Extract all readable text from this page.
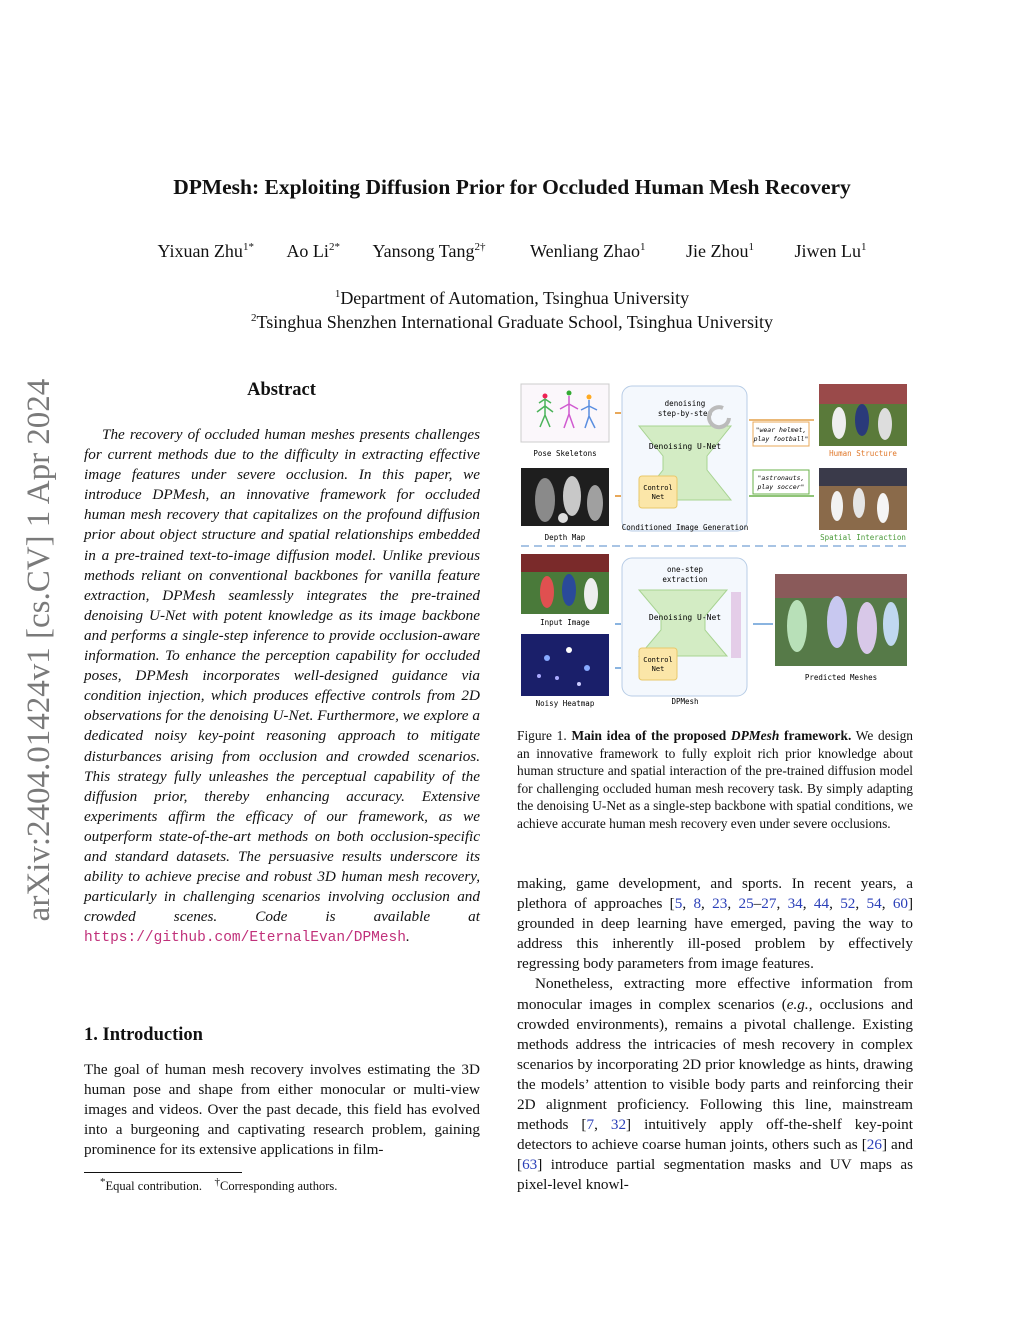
DPMesh: Exploiting Diffusion Prior for Occluded Human Mesh Recovery
Yixuan Zhu$^{1*}$ Ao $Li^{2*}$ Yansong Tang$^{2\dagger}$ Wenliang Zhao$^1$ Jie Zhou$^1$ Jiwen Lu$^1$
$^1$Department of Automation, Tsinghua University
$^2$Tsinghua Shenzhen International Graduate School, Tsinghua University
arXiv:2404.01424v1 [cs.CV] 1 Apr 2024	Abstract

The recovery of occluded human meshes presents challenges for current methods due to the difficulty in extracting effective image features under severe occlusion. In this paper, we introduce DPMesh, an innovative framework for occluded human mesh recovery that capitalizes on the profound diffusion prior about object structure and spatial relationships embedded in a pre-trained text-to-image diffusion model. Unlike previous methods reliant on conventional backbones for vanilla feature extraction, DPMesh seamlessly integrates the pre-trained denoising U-Net with potent knowledge as its image backbone and performs a single-step inference to provide occlusion-aware information. To enhance the perception capability for occluded poses, DPMesh incorporates well-designed guidance via condition injection, which produces effective controls from 2D observations for the denoising U-Net. Furthermore, we explore a dedicated noisy key-point reasoning approach to mitigate disturbances arising from occlusion and crowded scenarios. This strategy fully unleashes the perceptual capability of the diffusion prior, thereby enhancing accuracy. Extensive experiments affirm the efficacy of our framework, as we outperform state-of-the-art methods on both occlusion-specific and standard datasets. The persuasive results underscore its ability to achieve precise and robust 3D human mesh recovery, particularly in challenging scenarios involving occlusion and crowded scenes. Code is available at https://github.com/EternalEvan/DPMesh.

1. Introduction

The goal of human mesh recovery involves estimating the 3D human pose and shape from either monocular or multi-view images and videos. Over the past decade, this field has evolved into a burgeoning and captivating research problem, gaining prominence for its extensive applications in film-

*Equal contribution. †Corresponding authors.
Pose Skeletons
Depth Map
denoising
step-by-step
Denoising U-Net
Control
Net
Conditioned Image Generation
"wear helmet,
play football"
"astronauts,
play soccer"
Human Structure
Spatial Interaction
Input Image
Noisy Heatmap
one-step
extraction
Denoising U-Net
Control
Net
DPMesh
Predicted Meshes
Figure 1. Main idea of the proposed DPMesh framework. We design an innovative framework to fully exploit rich prior knowledge about human structure and spatial interaction of the pre-trained diffusion model for challenging occluded human mesh recovery task. By simply adapting the denoising U-Net as a single-step backbone with spatial conditions, we achieve accurate human mesh recovery even under severe occlusions.

making, game development, and sports. In recent years, a plethora of approaches [5, 8, 23, 25–27, 34, 44, 52, 54, 60] grounded in deep learning have emerged, paving the way to address this inherently ill-posed problem by effectively regressing body parameters from image features.

Nonetheless, extracting more effective information from monocular images in complex scenarios (e.g., occlusions and crowded environments), remains a pivotal challenge. Existing methods address the intricacies of mesh recovery in complex scenarios by incorporating 2D prior knowledge as hints, drawing the models’ attention to visible body parts and reinforcing their 2D alignment proficiency. Following this line, mainstream methods [7, 32] intuitively apply off-the-shelf key-point detectors to achieve coarse human joints, others such as [26] and [63] introduce partial segmentation masks and UV maps as pixel-level knowl-
